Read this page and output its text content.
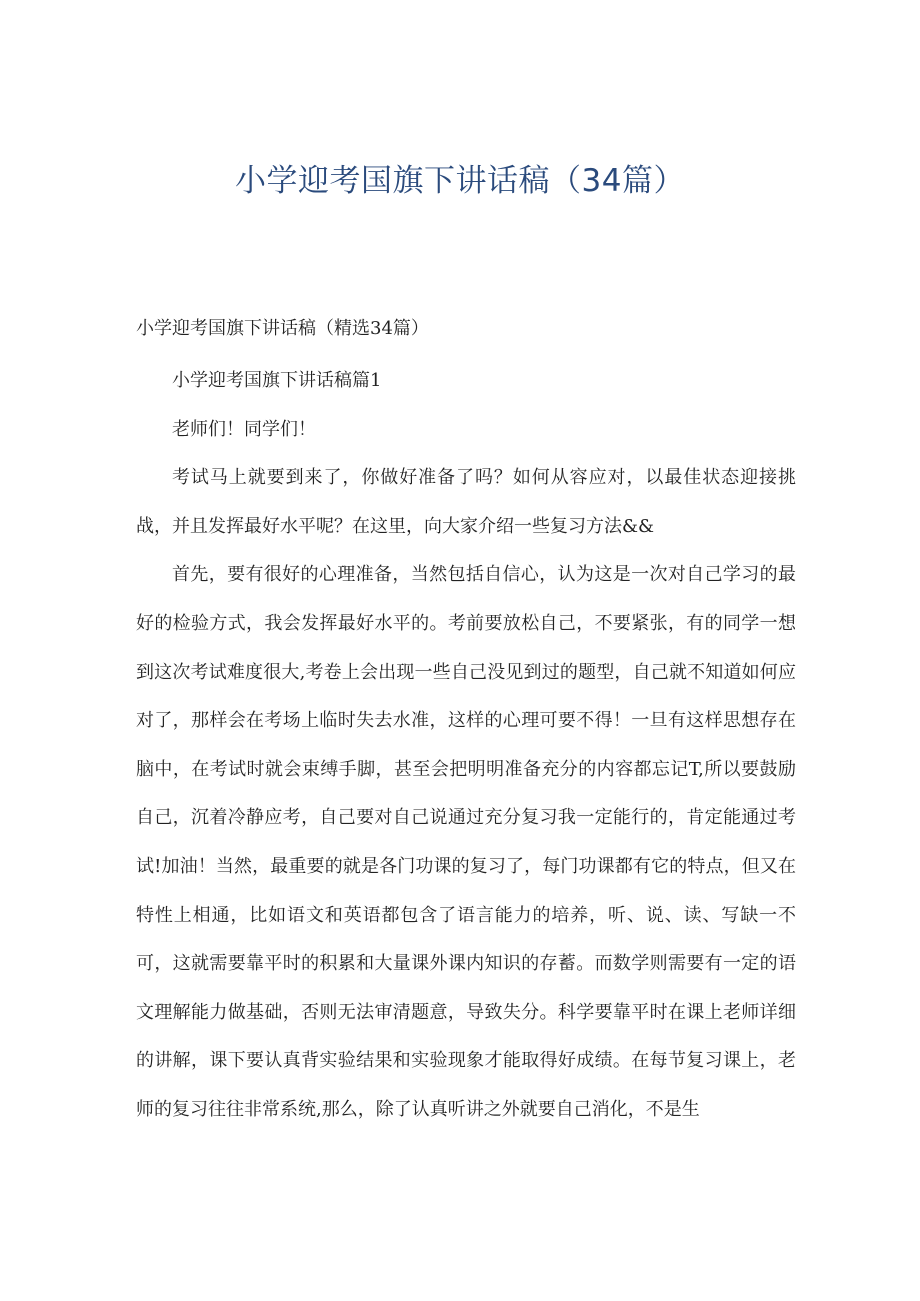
小学迎考国旗下讲话稿（34篇）
小学迎考国旗下讲话稿（精选34篇）

小学迎考国旗下讲话稿篇1

老师们！同学们！

考试马上就要到来了，你做好准备了吗？如何从容应对，以最佳状态迎接挑战，并且发挥最好水平呢？在这里，向大家介绍一些复习方法&&

首先，要有很好的心理准备，当然包括自信心，认为这是一次对自己学习的最好的检验方式，我会发挥最好水平的。考前要放松自己，不要紧张，有的同学一想到这次考试难度很大,考卷上会出现一些自己没见到过的题型，自己就不知道如何应对了，那样会在考场上临时失去水准，这样的心理可要不得！一旦有这样思想存在脑中，在考试时就会束缚手脚，甚至会把明明准备充分的内容都忘记T,所以要鼓励自己，沉着冷静应考，自己要对自己说通过充分复习我一定能行的，肯定能通过考试!加油！当然，最重要的就是各门功课的复习了，每门功课都有它的特点，但又在特性上相通，比如语文和英语都包含了语言能力的培养，听、说、读、写缺一不可，这就需要靠平时的积累和大量课外课内知识的存蓄。而数学则需要有一定的语文理解能力做基础，否则无法审清题意，导致失分。科学要靠平时在课上老师详细的讲解，课下要认真背实验结果和实验现象才能取得好成绩。在每节复习课上，老师的复习往往非常系统,那么，除了认真听讲之外就要自己消化，不是生
